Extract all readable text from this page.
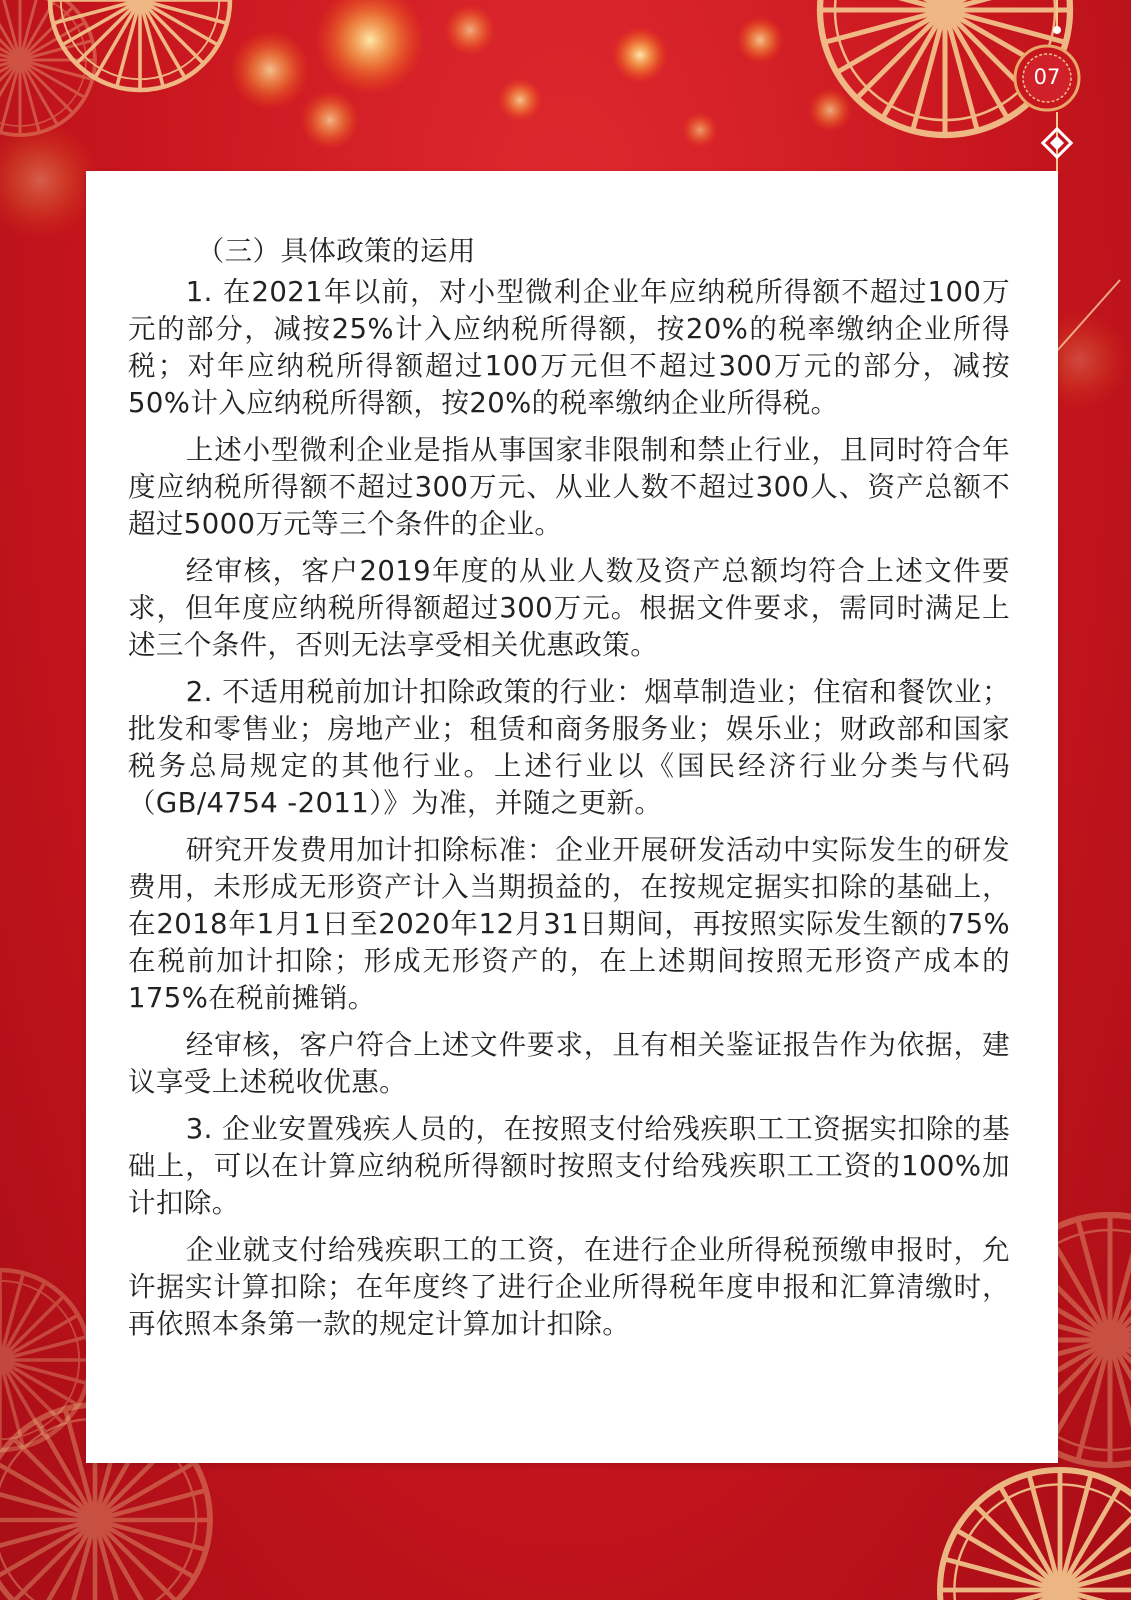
07

（三）具体政策的运用

1. 在2021年以前，对小型微利企业年应纳税所得额不超过100万元的部分，减按25%计入应纳税所得额，按20%的税率缴纳企业所得税；对年应纳税所得额超过100万元但不超过300万元的部分，减按50%计入应纳税所得额，按20%的税率缴纳企业所得税。

上述小型微利企业是指从事国家非限制和禁止行业，且同时符合年度应纳税所得额不超过300万元、从业人数不超过300人、资产总额不超过5000万元等三个条件的企业。

经审核，客户2019年度的从业人数及资产总额均符合上述文件要求，但年度应纳税所得额超过300万元。根据文件要求，需同时满足上述三个条件，否则无法享受相关优惠政策。

2. 不适用税前加计扣除政策的行业：烟草制造业；住宿和餐饮业；批发和零售业；房地产业；租赁和商务服务业；娱乐业；财政部和国家税务总局规定的其他行业。上述行业以《国民经济行业分类与代码（GB/4754 -2011）》为准，并随之更新。

研究开发费用加计扣除标准：企业开展研发活动中实际发生的研发费用，未形成无形资产计入当期损益的，在按规定据实扣除的基础上，在2018年1月1日至2020年12月31日期间，再按照实际发生额的75%在税前加计扣除；形成无形资产的，在上述期间按照无形资产成本的175%在税前摊销。

经审核，客户符合上述文件要求，且有相关鉴证报告作为依据，建议享受上述税收优惠。

3. 企业安置残疾人员的，在按照支付给残疾职工工资据实扣除的基础上，可以在计算应纳税所得额时按照支付给残疾职工工资的100%加计扣除。

企业就支付给残疾职工的工资，在进行企业所得税预缴申报时，允许据实计算扣除；在年度终了进行企业所得税年度申报和汇算清缴时，再依照本条第一款的规定计算加计扣除。
